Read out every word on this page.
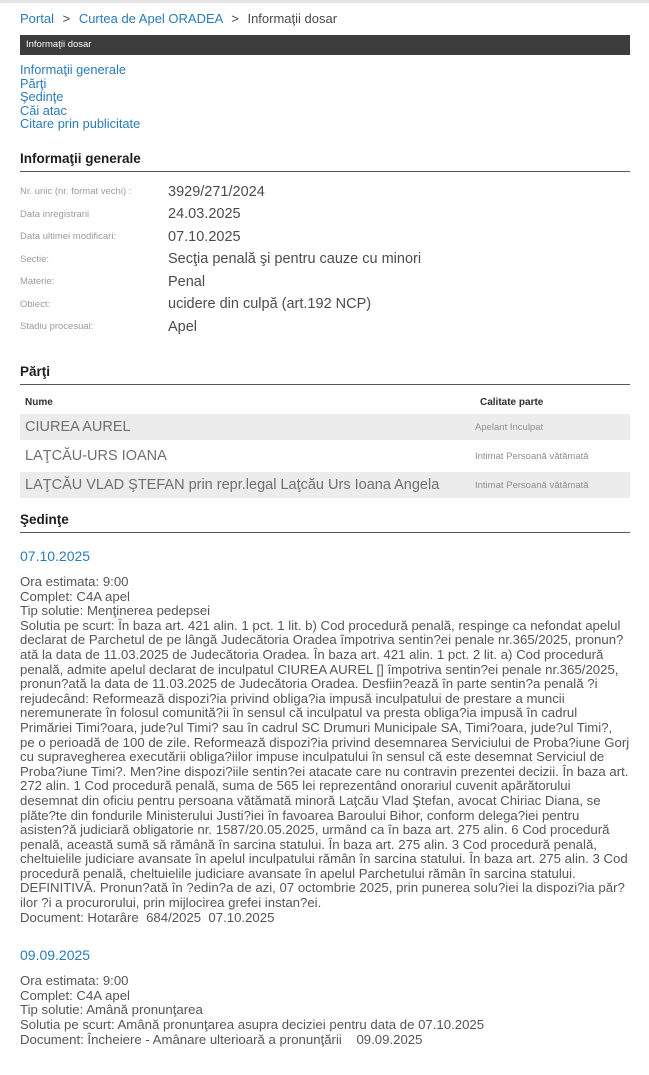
Portal > Curtea de Apel ORADEA > Informaţii dosar
Informaţii dosar
Informaţii generale
Părţi
Şedinţe
Căi atac
Citare prin publicitate
Informaţii generale
Nr. unic (nr. format vechi) :	3929/271/2024
Data inregistrarii	24.03.2025
Data ultimei modificari:	07.10.2025
Sectie:	Secţia penală şi pentru cauze cu minori
Materie:	Penal
Obiect:	ucidere din culpă (art.192 NCP)
Stadiu procesual:	Apel
Părţi
Nume	Calitate parte
CIUREA AUREL	Apelant Inculpat
LAŢCĂU-URS IOANA	Intimat Persoană vătămată
LAŢCĂU VLAD ŞTEFAN prin repr.legal Laţcău Urs Ioana Angela	Intimat Persoană vătămată
Şedinţe
07.10.2025
Ora estimata: 9:00
Complet: C4A apel
Tip solutie: Menţinerea pedepsei
Solutia pe scurt: În baza art. 421 alin. 1 pct. 1 lit. b) Cod procedură penală, respinge ca nefondat apelul declarat de Parchetul de pe lângă Judecătoria Oradea împotriva sentin?ei penale nr.365/2025, pronun?ată la data de 11.03.2025 de Judecătoria Oradea. În baza art. 421 alin. 1 pct. 2 lit. a) Cod procedură penală, admite apelul declarat de inculpatul CIUREA AUREL [] împotriva sentin?ei penale nr.365/2025, pronun?ată la data de 11.03.2025 de Judecătoria Oradea. Desfiin?ează în parte sentin?a penală ?i rejudecând: Reformează dispozi?ia privind obliga?ia impusă inculpatului de prestare a muncii neremunerate în folosul comunită?ii în sensul că inculpatul va presta obliga?ia impusă în cadrul Primăriei Timi?oara, jude?ul Timi? sau în cadrul SC Drumuri Municipale SA, Timi?oara, jude?ul Timi?, pe o perioadă de 100 de zile. Reformează dispozi?ia privind desemnarea Serviciului de Proba?iune Gorj cu supravegherea executării obliga?iilor impuse inculpatului în sensul că este desemnat Serviciul de Proba?iune Timi?. Men?ine dispozi?iile sentin?ei atacate care nu contravin prezentei decizii. În baza art. 272 alin. 1 Cod procedură penală, suma de 565 lei reprezentând onorariul cuvenit apărătorului desemnat din oficiu pentru persoana vătămată minoră Laţcău Vlad Ştefan, avocat Chiriac Diana, se plăte?te din fondurile Ministerului Justi?iei în favoarea Baroului Bihor, conform delega?iei pentru asisten?ă judiciară obligatorie nr. 1587/20.05.2025, urmând ca în baza art. 275 alin. 6 Cod procedură penală, această sumă să rămână în sarcina statului. În baza art. 275 alin. 3 Cod procedură penală, cheltuielile judiciare avansate în apelul inculpatului rămân în sarcina statului. În baza art. 275 alin. 3 Cod procedură penală, cheltuielile judiciare avansate în apelul Parchetului rămân în sarcina statului. DEFINITIVĂ. Pronun?ată în ?edin?a de azi, 07 octombrie 2025, prin punerea solu?iei la dispozi?ia păr?ilor ?i a procurorului, prin mijlocirea grefei instan?ei.
Document: Hotarâre  684/2025  07.10.2025
09.09.2025
Ora estimata: 9:00
Complet: C4A apel
Tip solutie: Amână pronunţarea
Solutia pe scurt: Amână pronunţarea asupra deciziei pentru data de 07.10.2025
Document: Încheiere - Amânare ulterioară a pronunţării    09.09.2025
